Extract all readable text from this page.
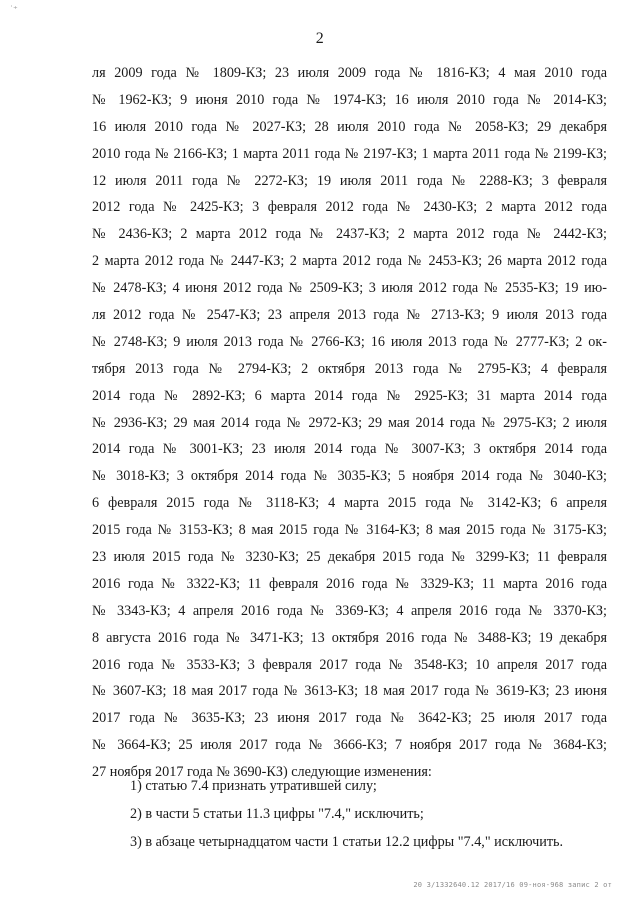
˙⁺
2
ля 2009 года № 1809-КЗ; 23 июля 2009 года № 1816-КЗ; 4 мая 2010 года
№ 1962-КЗ; 9 июня 2010 года № 1974-КЗ; 16 июля 2010 года № 2014-КЗ;
16 июля 2010 года № 2027-КЗ; 28 июля 2010 года № 2058-КЗ; 29 декабря
2010 года № 2166-КЗ; 1 марта 2011 года № 2197-КЗ; 1 марта 2011 года № 2199-КЗ;
12 июля 2011 года № 2272-КЗ; 19 июля 2011 года № 2288-КЗ; 3 февраля
2012 года № 2425-КЗ; 3 февраля 2012 года № 2430-КЗ; 2 марта 2012 года
№ 2436-КЗ; 2 марта 2012 года № 2437-КЗ; 2 марта 2012 года № 2442-КЗ;
2 марта 2012 года № 2447-КЗ; 2 марта 2012 года № 2453-КЗ; 26 марта 2012 года
№ 2478-КЗ; 4 июня 2012 года № 2509-КЗ; 3 июля 2012 года № 2535-КЗ; 19 ию-
ля 2012 года № 2547-КЗ; 23 апреля 2013 года № 2713-КЗ; 9 июля 2013 года
№ 2748-КЗ; 9 июля 2013 года № 2766-КЗ; 16 июля 2013 года № 2777-КЗ; 2 ок-
тября 2013 года № 2794-КЗ; 2 октября 2013 года № 2795-КЗ; 4 февраля
2014 года № 2892-КЗ; 6 марта 2014 года № 2925-КЗ; 31 марта 2014 года
№ 2936-КЗ; 29 мая 2014 года № 2972-КЗ; 29 мая 2014 года № 2975-КЗ; 2 июля
2014 года № 3001-КЗ; 23 июля 2014 года № 3007-КЗ; 3 октября 2014 года
№ 3018-КЗ; 3 октября 2014 года № 3035-КЗ; 5 ноября 2014 года № 3040-КЗ;
6 февраля 2015 года № 3118-КЗ; 4 марта 2015 года № 3142-КЗ; 6 апреля
2015 года № 3153-КЗ; 8 мая 2015 года № 3164-КЗ; 8 мая 2015 года № 3175-КЗ;
23 июля 2015 года № 3230-КЗ; 25 декабря 2015 года № 3299-КЗ; 11 февраля
2016 года № 3322-КЗ; 11 февраля 2016 года № 3329-КЗ; 11 марта 2016 года
№ 3343-КЗ; 4 апреля 2016 года № 3369-КЗ; 4 апреля 2016 года № 3370-КЗ;
8 августа 2016 года № 3471-КЗ; 13 октября 2016 года № 3488-КЗ; 19 декабря
2016 года № 3533-КЗ; 3 февраля 2017 года № 3548-КЗ; 10 апреля 2017 года
№ 3607-КЗ; 18 мая 2017 года № 3613-КЗ; 18 мая 2017 года № 3619-КЗ; 23 июня
2017 года № 3635-КЗ; 23 июня 2017 года № 3642-КЗ; 25 июля 2017 года
№ 3664-КЗ; 25 июля 2017 года № 3666-КЗ; 7 ноября 2017 года № 3684-КЗ;
27 ноября 2017 года № 3690-КЗ) следующие изменения:
1) статью 7.4 признать утратившей силу;
2) в части 5 статьи 11.3 цифры "7.4," исключить;
3) в абзаце четырнадцатом части 1 статьи 12.2 цифры "7.4," исключить.
20 3/1332640.12 2017/16 09-ноя-968 запис 2 от
